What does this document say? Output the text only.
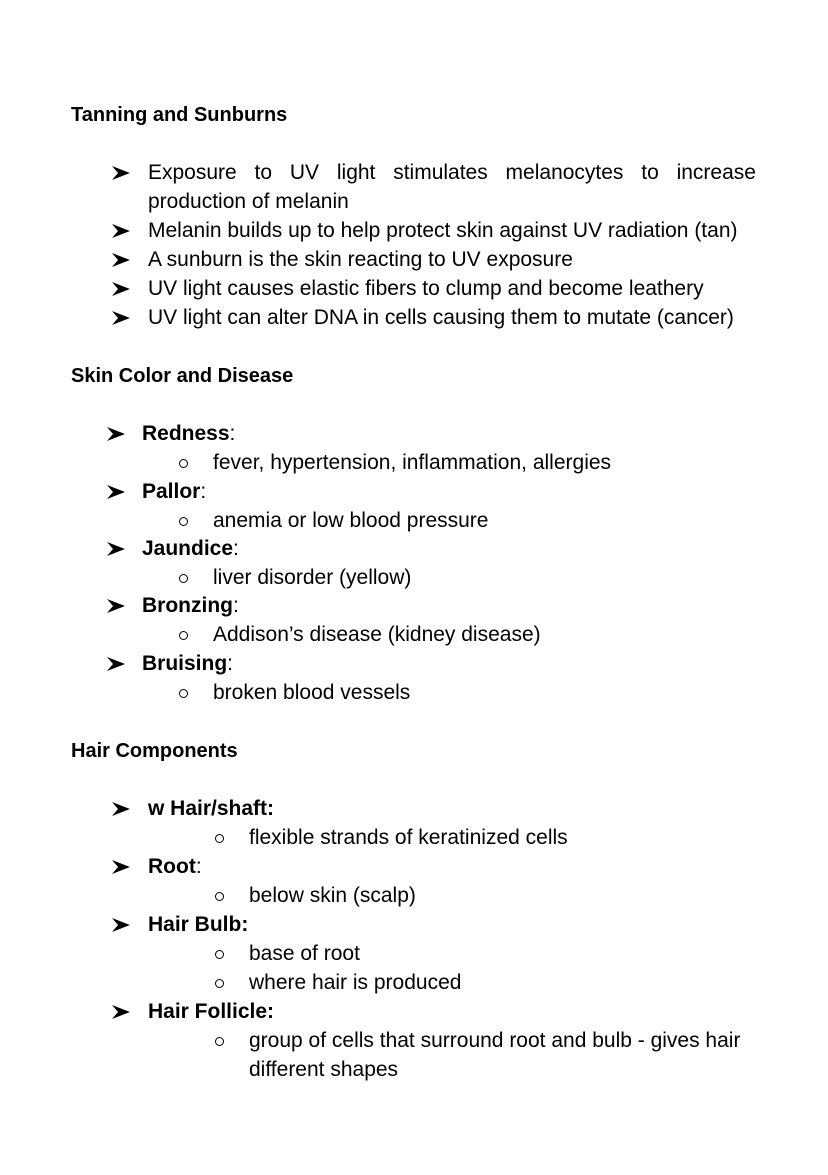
Tanning and Sunburns
Exposure to UV light stimulates melanocytes to increase
production of melanin
Melanin builds up to help protect skin against UV radiation (tan)
A sunburn is the skin reacting to UV exposure
UV light causes elastic fibers to clump and become leathery
UV light can alter DNA in cells causing them to mutate (cancer)
Skin Color and Disease
Redness:
fever, hypertension, inflammation, allergies
Pallor:
anemia or low blood pressure
Jaundice:
liver disorder (yellow)
Bronzing:
Addison’s disease (kidney disease)
Bruising:
broken blood vessels
Hair Components
w Hair/shaft:
flexible strands of keratinized cells
Root:
below skin (scalp)
Hair Bulb:
base of root
where hair is produced
Hair Follicle:
group of cells that surround root and bulb - gives hair
different shapes
